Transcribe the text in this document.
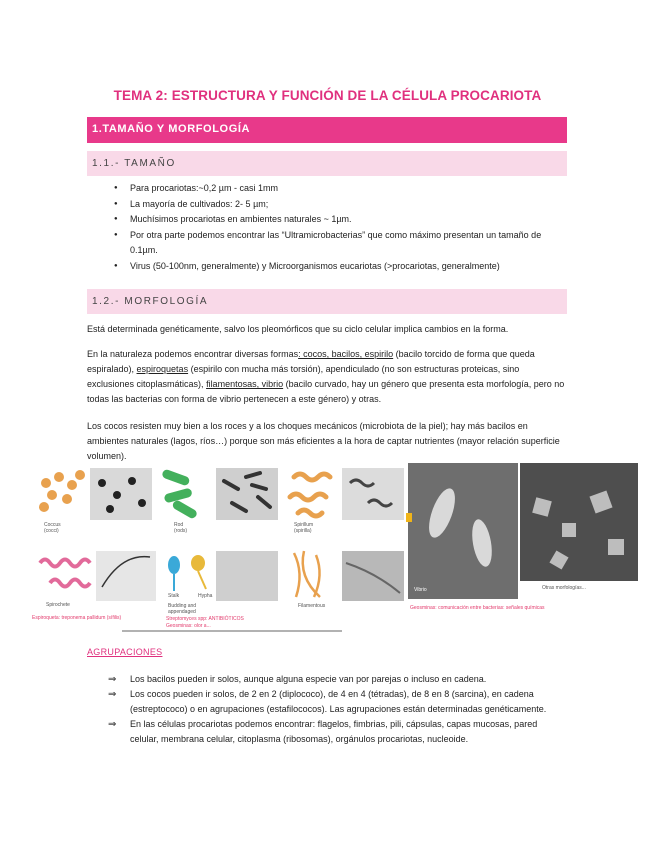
TEMA 2: ESTRUCTURA Y FUNCIÓN DE LA CÉLULA PROCARIOTA
1.TAMAÑO Y MORFOLOGÍA
1.1.- TAMAÑO
● Para procariotas:~0,2 µm - casi 1mm
● La mayoría de cultivados: 2- 5 µm;
● Muchísimos procariotas en ambientes naturales ~ 1µm.
● Por otra parte podemos encontrar las “Ultramicrobacterias” que como máximo presentan un tamaño de 0.1µm.
● Virus (50-100nm, generalmente) y Microorganismos eucariotas (>procariotas, generalmente)
1.2.- MORFOLOGÍA
Está determinada genéticamente, salvo los pleomórficos que su ciclo celular implica cambios en la forma.
En la naturaleza podemos encontrar diversas formas: cocos, bacilos, espirilo (bacilo torcido de forma que queda espiralado), espiroquetas (espirilo con mucha más torsión), apendiculado (no son estructuras proteicas, sino exclusiones citoplasmáticas), filamentosas, vibrio (bacilo curvado, hay un género que presenta esta morfología, pero no todas las bacterias con forma de vibrio pertenecen a este género) y otras.
Los cocos resisten muy bien a los roces y a los choques mecánicos (microbiota de la piel); hay más bacilos en ambientes naturales (lagos, ríos…) porque son más eficientes a la hora de captar nutrientes (mayor relación superficie volumen).
Coccus
(cocci)
Rod
(rods)
Spirillum
(spirilla)
Spirochete
Stalk	Hypha
Budding and
appendaged
Filamentous
Vibrio	Otras morfologías...
Espiroqueta: treponema pallidum (sífilis)	Streptomyces spp: ANTIBIÓTICOS
Geosminas: olor a...
Geosminas: comunicación entre bacterias: señales químicas
AGRUPACIONES
⇒ Los bacilos pueden ir solos, aunque alguna especie van por parejas o incluso en cadena.
⇒ Los cocos pueden ir solos, de 2 en 2 (diplococo), de 4 en 4 (tétradas), de 8 en 8 (sarcina), en cadena (estreptococo) o en agrupaciones (estafilococos). Las agrupaciones están determinadas genéticamente.
⇒ En las células procariotas podemos encontrar: flagelos, fimbrias, pili, cápsulas, capas mucosas, pared celular, membrana celular, citoplasma (ribosomas), orgánulos procariotas, nucleoide.
